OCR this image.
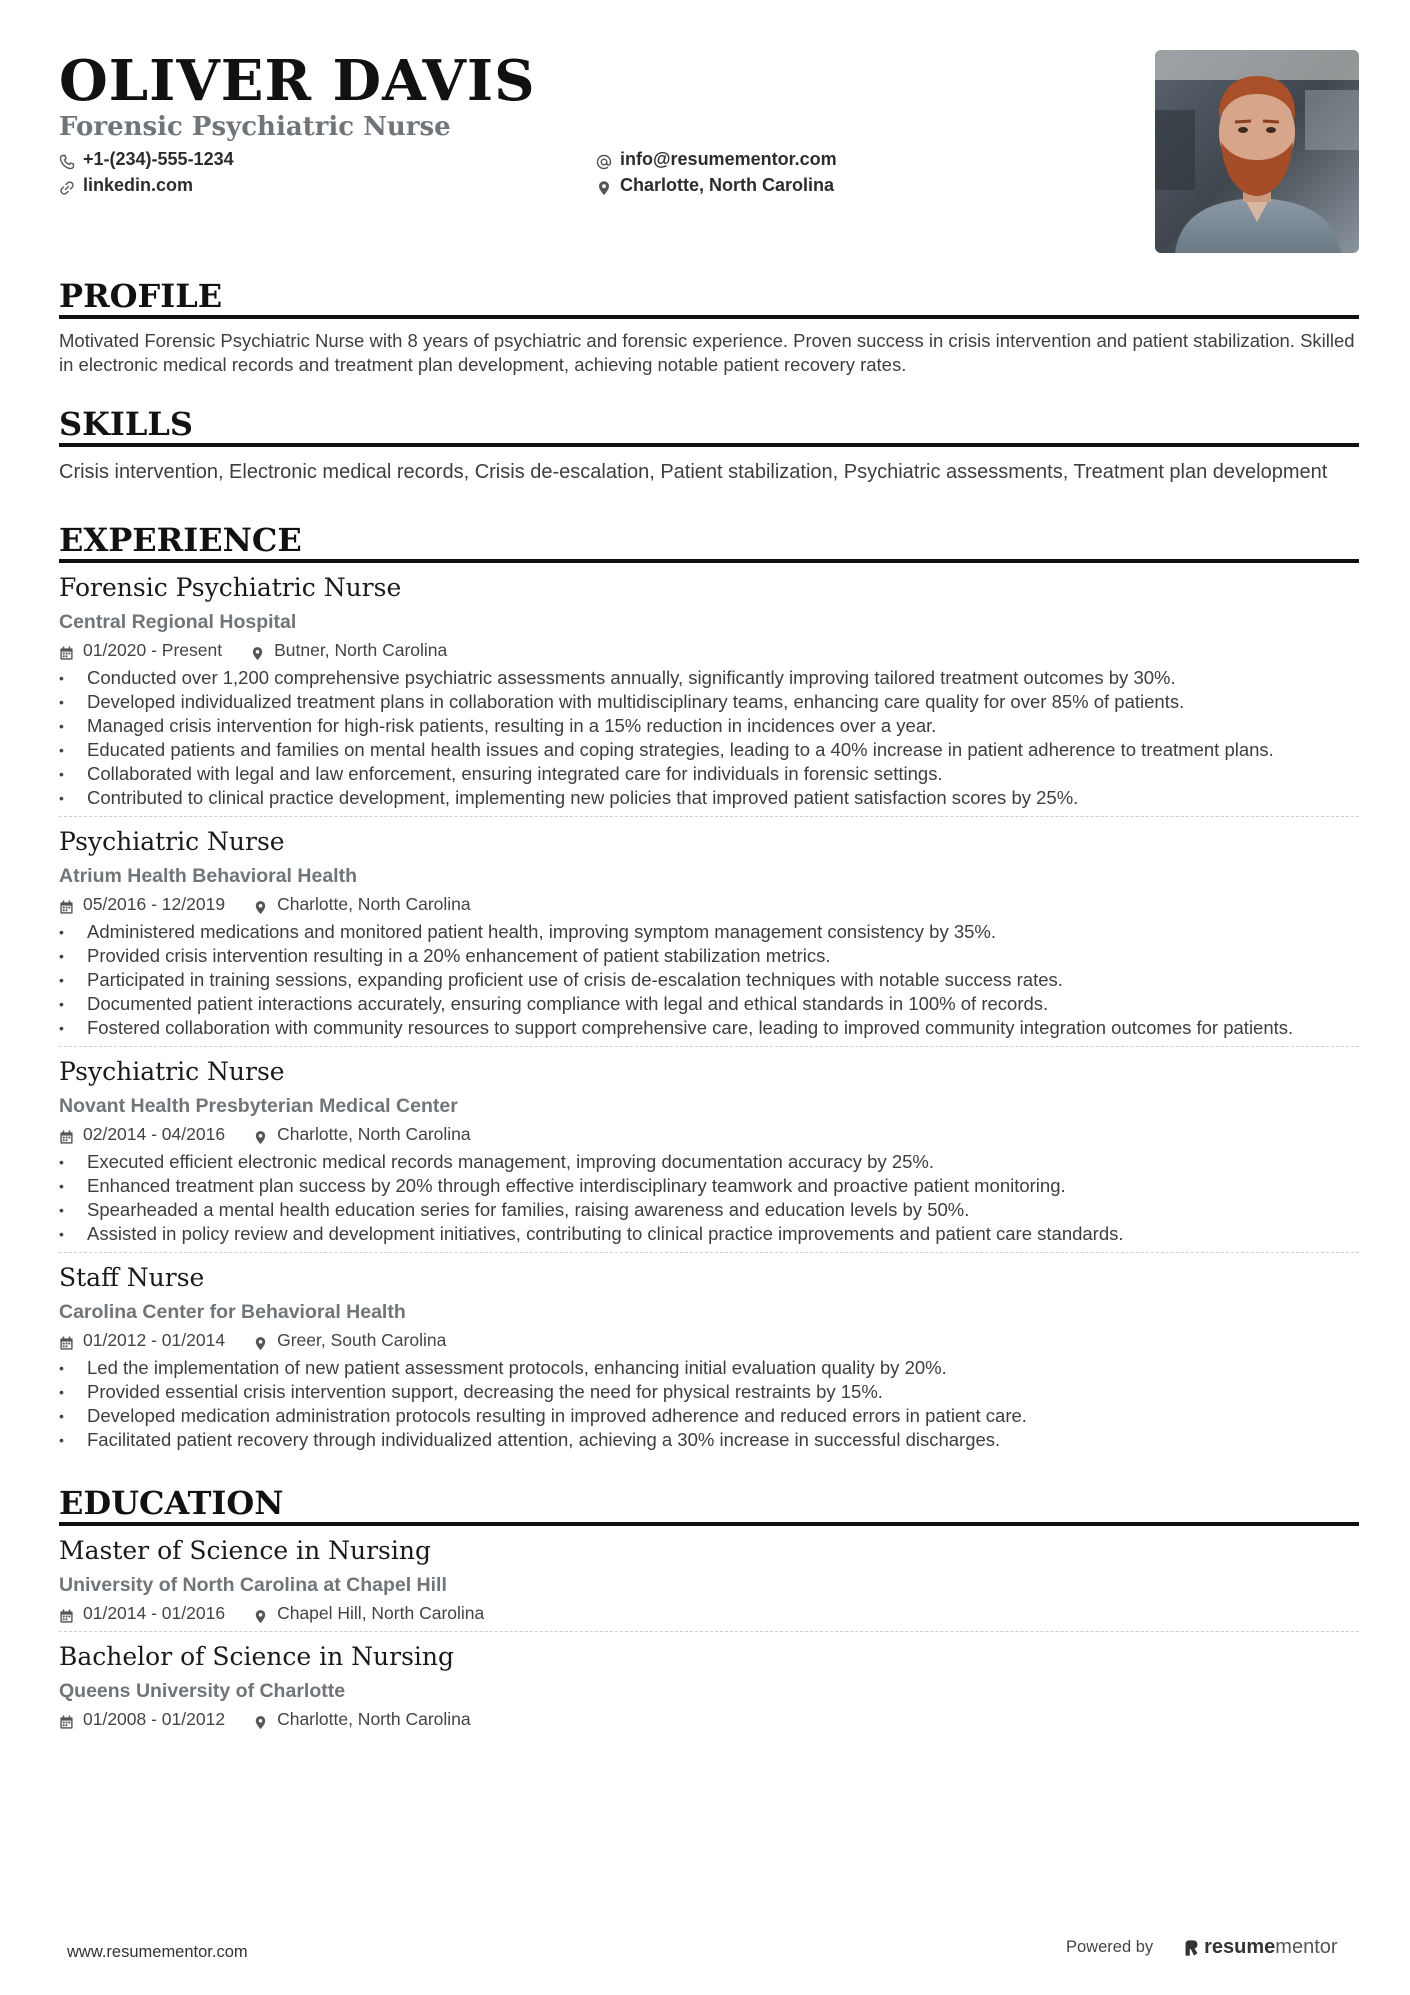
OLIVER DAVIS
Forensic Psychiatric Nurse
+1-(234)-555-1234
linkedin.com
info@resumementor.com
Charlotte, North Carolina
PROFILE
Motivated Forensic Psychiatric Nurse with 8 years of psychiatric and forensic experience. Proven success in crisis intervention and patient stabilization. Skilled in electronic medical records and treatment plan development, achieving notable patient recovery rates.
SKILLS
Crisis intervention, Electronic medical records, Crisis de-escalation, Patient stabilization, Psychiatric assessments, Treatment plan development
EXPERIENCE
Forensic Psychiatric Nurse
Central Regional Hospital
01/2020 - Present	Butner, North Carolina
• Conducted over 1,200 comprehensive psychiatric assessments annually, significantly improving tailored treatment outcomes by 30%.
• Developed individualized treatment plans in collaboration with multidisciplinary teams, enhancing care quality for over 85% of patients.
• Managed crisis intervention for high-risk patients, resulting in a 15% reduction in incidences over a year.
• Educated patients and families on mental health issues and coping strategies, leading to a 40% increase in patient adherence to treatment plans.
• Collaborated with legal and law enforcement, ensuring integrated care for individuals in forensic settings.
• Contributed to clinical practice development, implementing new policies that improved patient satisfaction scores by 25%.
Psychiatric Nurse
Atrium Health Behavioral Health
05/2016 - 12/2019	Charlotte, North Carolina
• Administered medications and monitored patient health, improving symptom management consistency by 35%.
• Provided crisis intervention resulting in a 20% enhancement of patient stabilization metrics.
• Participated in training sessions, expanding proficient use of crisis de-escalation techniques with notable success rates.
• Documented patient interactions accurately, ensuring compliance with legal and ethical standards in 100% of records.
• Fostered collaboration with community resources to support comprehensive care, leading to improved community integration outcomes for patients.
Psychiatric Nurse
Novant Health Presbyterian Medical Center
02/2014 - 04/2016	Charlotte, North Carolina
• Executed efficient electronic medical records management, improving documentation accuracy by 25%.
• Enhanced treatment plan success by 20% through effective interdisciplinary teamwork and proactive patient monitoring.
• Spearheaded a mental health education series for families, raising awareness and education levels by 50%.
• Assisted in policy review and development initiatives, contributing to clinical practice improvements and patient care standards.
Staff Nurse
Carolina Center for Behavioral Health
01/2012 - 01/2014	Greer, South Carolina
• Led the implementation of new patient assessment protocols, enhancing initial evaluation quality by 20%.
• Provided essential crisis intervention support, decreasing the need for physical restraints by 15%.
• Developed medication administration protocols resulting in improved adherence and reduced errors in patient care.
• Facilitated patient recovery through individualized attention, achieving a 30% increase in successful discharges.
EDUCATION
Master of Science in Nursing
University of North Carolina at Chapel Hill
01/2014 - 01/2016	Chapel Hill, North Carolina
Bachelor of Science in Nursing
Queens University of Charlotte
01/2008 - 01/2012	Charlotte, North Carolina
www.resumementor.com	Powered by	resume mentor
